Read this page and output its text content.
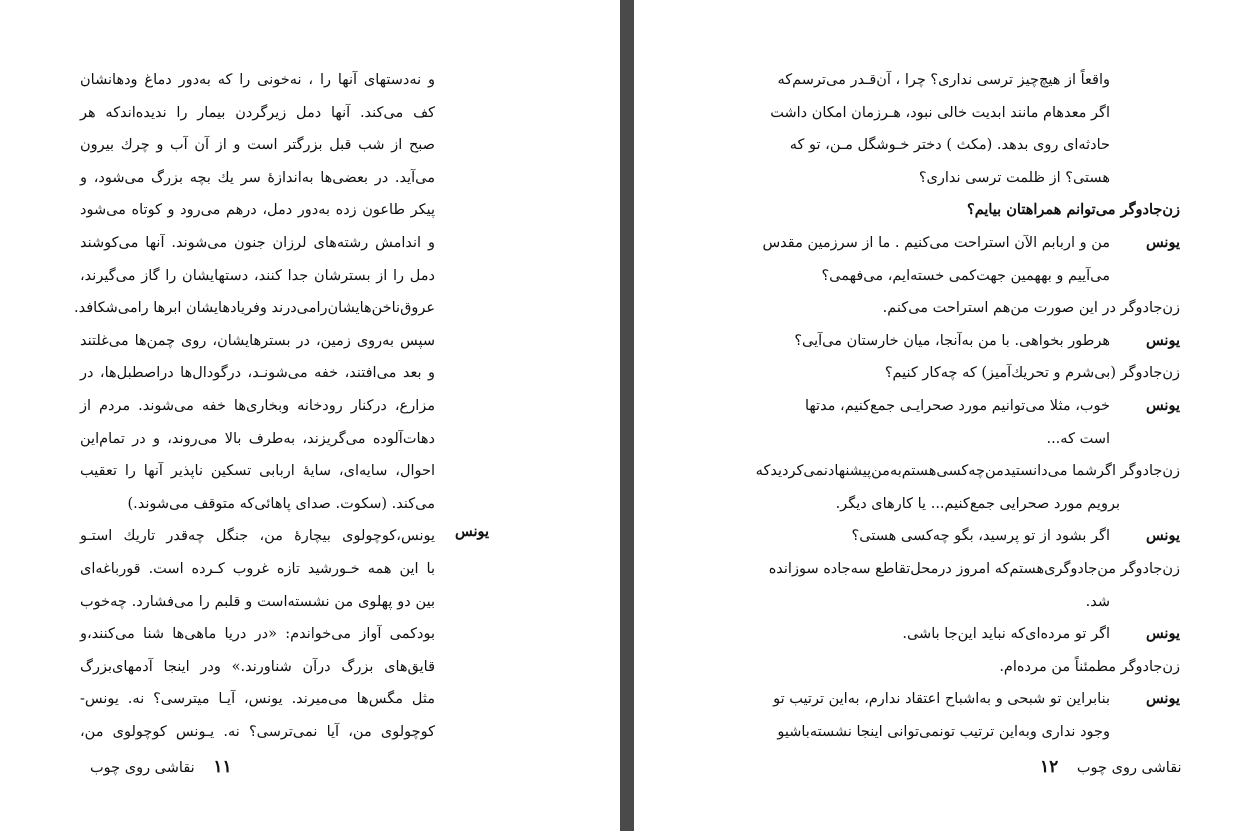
و نه‌دستهای آنها را ، نه‌خونی را که به‌دور دماغ ودهانشان
کف می‌کند. آنها دمل زیرگردن بیمار را ندیده‌اندکه هر
صبح از شب قبل بزرگتر است و از آن آب و چرك بیرون
می‌آید. در بعضی‌ها به‌اندازهٔ سر یك بچه بزرگ می‌شود، و
پیکر طاعون زده به‌دور دمل، درهم می‌رود و کوتاه می‌شود
و اندامش رشته‌های لرزان جنون می‌شوند. آنها می‌کوشند
دمل را از بسترشان جدا کنند، دستهایشان را گاز می‌گیرند،
عروق‌ناخن‌هایشان‌رامی‌درند وفریادهایشان ابرها رامی‌شکافد.
سپس به‌روی زمین، در بسترهایشان، روی چمن‌ها می‌غلتند
و بعد می‌افتند، خفه می‌شونـد، درگودال‌ها دراصطبل‌ها، در
مزارع، درکنار رودخانه وبخاری‌ها خفه می‌شوند. مردم از
دهات‌آلوده می‌گریزند، به‌طرف بالا می‌روند، و در تمام‌این
احوال، سایه‌ای، سایهٔ اربابی تسکین ناپذیر آنها را تعقیب
می‌کند. (سکوت. صدای پاهائی‌که متوقف می‌شوند.)
یونس،کوچولوی بیچارهٔ من، جنگل چه‌قدر تاریك استـو
با این همه خـورشید تازه غروب کـرده است. قورباغه‌ای
بین دو پهلوی من نشسته‌است و قلبم را می‌فشارد. چه‌خوب
بودکمی آواز می‌خواندم: «در دریا ماهی‌ها شنا می‌کنند،و
قایق‌های بزرگ درآن شناورند.» ودر اینجا آدمهای‌بزرگ
مثل مگس‌ها می‌میرند. یونس، آیـا میترسی؟ نه. یونس-
کوچولوی من، آیا نمی‌ترسی؟ نه. یـونس کوچولوی من،
یونس
۱۱ نقاشی روی چوب
واقعاً از هیچ‌چیز ترسی نداری؟ چرا ، آن‌قـدر می‌ترسم‌که
اگر معدهام مانند ابدیت خالی نبود، هـرزمان امکان داشت
حادثه‌ای روی بدهد. (مکث ) دختر خـوشگل مـن، تو که
هستی؟ از ظلمت ترسی نداری؟
زن‌جادوگر می‌توانم همراهتان بیایم؟
یونس
من و اربابم الآن استراحت می‌کنیم . ما از سرزمین مقدس
می‌آییم و بههمین جهت‌کمی خسته‌ایم، می‌فهمی؟
زن‌جادوگر در این صورت من‌هم استراحت می‌کنم.
یونس
هرطور بخواهی. با من به‌آنجا، میان خارستان می‌آیی؟
زن‌جادوگر (بی‌شرم و تحریك‌آمیز) که چه‌کار کنیم؟
یونس
خوب، مثلا می‌توانیم مورد صحرایـی جمع‌کنیم، مدتها
است که...
زن‌جادوگر اگرشما می‌دانستیدمن‌چه‌کسی‌هستم‌به‌من‌پیشنهادنمی‌کردیدکه
برویم مورد صحرایی جمع‌کنیم... یا کارهای دیگر.
یونس
اگر بشود از تو پرسید، بگو چه‌کسی هستی؟
زن‌جادوگر من‌جادوگری‌هستم‌که امروز درمحل‌تقاطع سه‌جاده سوزانده
شد.
یونس
اگر تو مرده‌ای‌که نباید این‌جا باشی.
زن‌جادوگر مطمئناً من مرده‌ام.
یونس
بنابراین تو شبحی و به‌اشباح اعتقاد ندارم، به‌این ترتیب تو
وجود نداری وبه‌این ترتیب تونمی‌توانی اینجا نشسته‌باشیو
نقاشی روی چوب ۱۲
